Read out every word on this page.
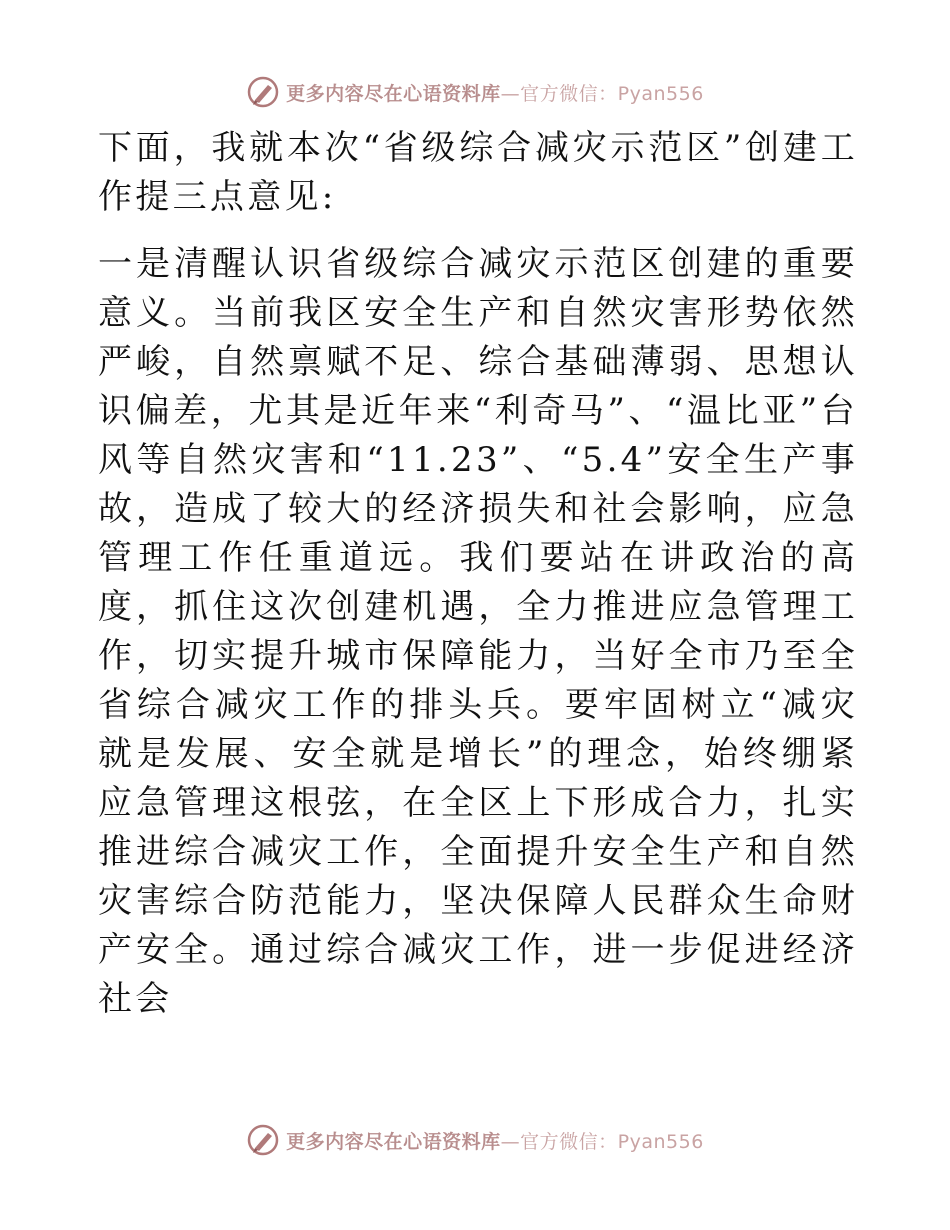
更多内容尽在心语资料库—官方微信：Pyan556

下面，我就本次“省级综合减灾示范区”创建工作提三点意见:

一是清醒认识省级综合减灾示范区创建的重要意义。当前我区安全生产和自然灾害形势依然严峻，自然禀赋不足、综合基础薄弱、思想认识偏差，尤其是近年来“利奇马”、“温比亚”台风等自然灾害和“11.23”、“5.4”安全生产事故，造成了较大的经济损失和社会影响，应急管理工作任重道远。我们要站在讲政治的高度，抓住这次创建机遇，全力推进应急管理工作，切实提升城市保障能力，当好全市乃至全省综合减灾工作的排头兵。要牢固树立“减灾就是发展、安全就是增长”的理念，始终绷紧应急管理这根弦，在全区上下形成合力，扎实推进综合减灾工作，全面提升安全生产和自然灾害综合防范能力，坚决保障人民群众生命财产安全。通过综合减灾工作，进一步促进经济社会

更多内容尽在心语资料库—官方微信：Pyan556
